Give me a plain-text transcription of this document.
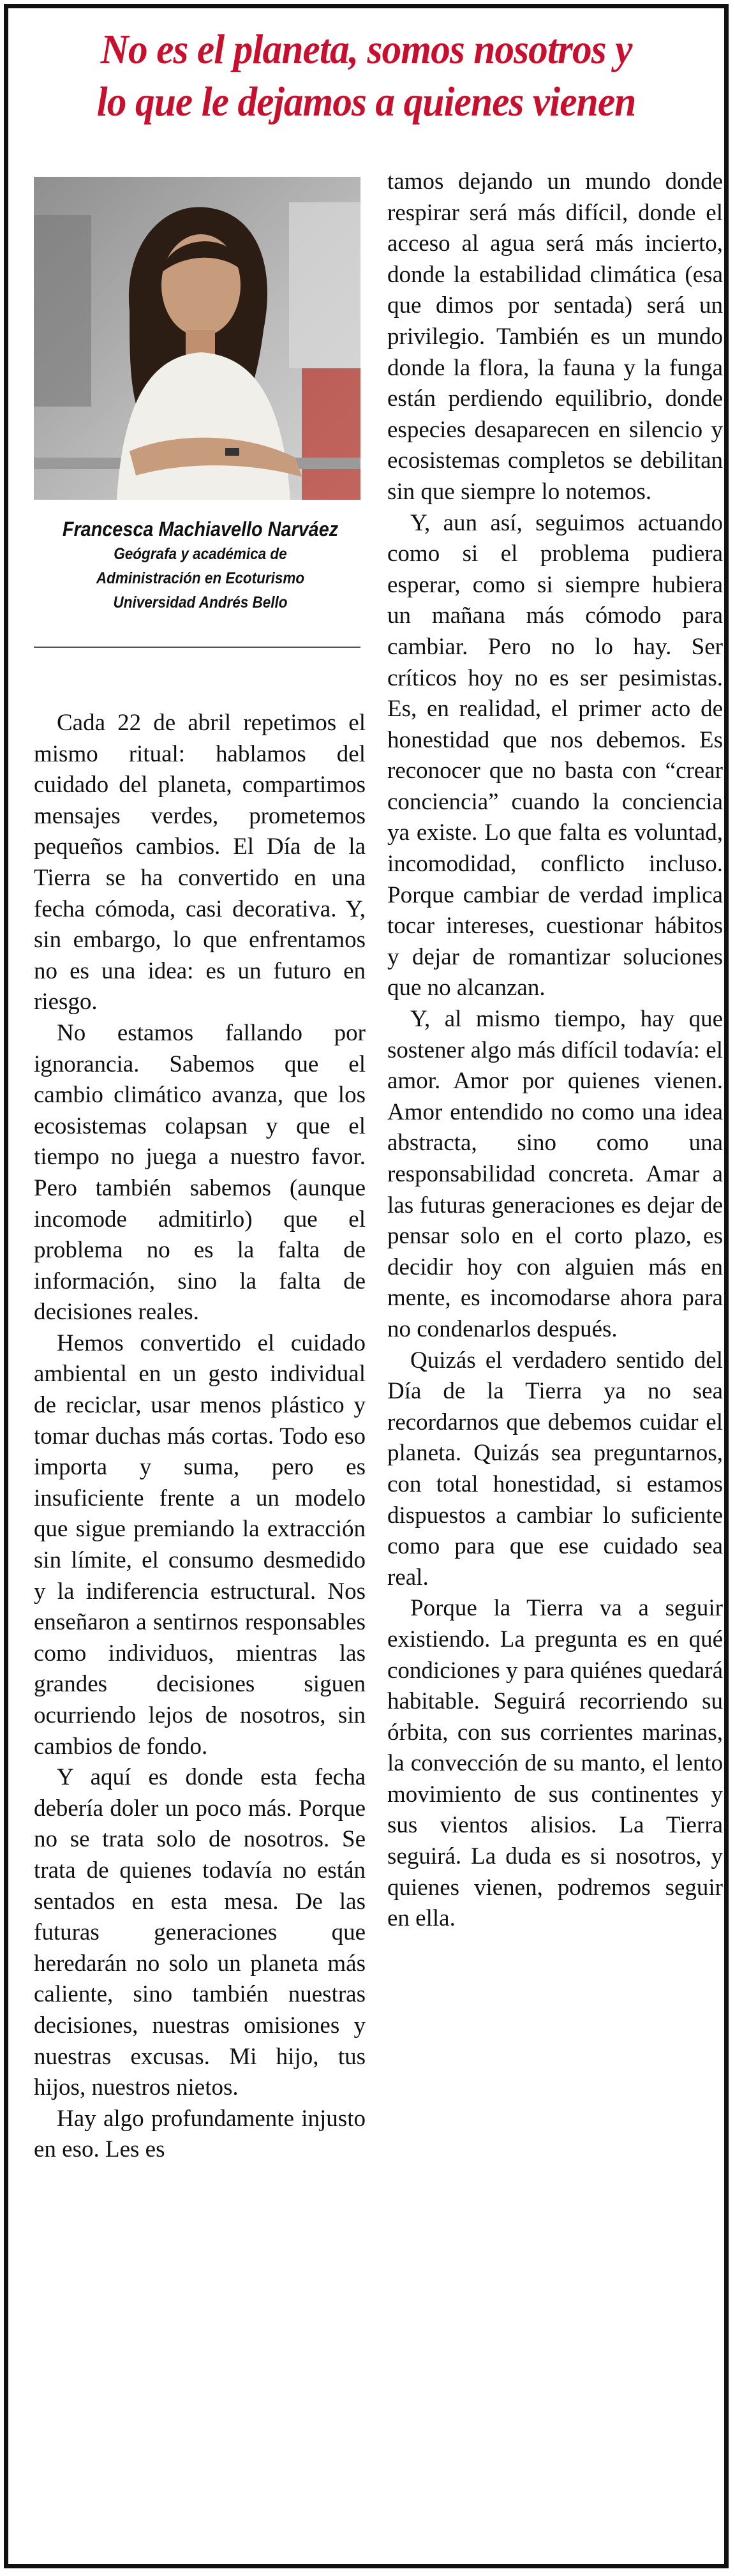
No es el planeta, somos nosotros y
lo que le dejamos a quienes vienen
Francesca Machiavello Narváez
Geógrafa y académica de
Administración en Ecoturismo
Universidad Andrés Bello

Cada 22 de abril repetimos el mismo ritual: hablamos del cuidado del planeta, compartimos mensajes verdes, prometemos pequeños cambios. El Día de la Tierra se ha convertido en una fecha cómoda, casi decorativa. Y, sin embargo, lo que enfrentamos no es una idea: es un futuro en riesgo.

No estamos fallando por ignorancia. Sabemos que el cambio climático avanza, que los ecosistemas colapsan y que el tiempo no juega a nuestro favor. Pero también sabemos (aunque incomode admitirlo) que el problema no es la falta de información, sino la falta de decisiones reales.

Hemos convertido el cuidado ambiental en un gesto individual de reciclar, usar menos plástico y tomar duchas más cortas. Todo eso importa y suma, pero es insuficiente frente a un modelo que sigue premiando la extracción sin límite, el consumo desmedido y la indiferencia estructural. Nos enseñaron a sentirnos responsables como individuos, mientras las grandes decisiones siguen ocurriendo lejos de nosotros, sin cambios de fondo.

Y aquí es donde esta fecha debería doler un poco más. Porque no se trata solo de nosotros. Se trata de quienes todavía no están sentados en esta mesa. De las futuras generaciones que heredarán no solo un planeta más caliente, sino también nuestras decisiones, nuestras omisiones y nuestras excusas. Mi hijo, tus hijos, nuestros nietos.

Hay algo profundamente injusto en eso. Les es

tamos dejando un mundo donde respirar será más difícil, donde el acceso al agua será más incierto, donde la estabilidad climática (esa que dimos por sentada) será un privilegio. También es un mundo donde la flora, la fauna y la funga están perdiendo equilibrio, donde especies desaparecen en silencio y ecosistemas completos se debilitan sin que siempre lo notemos.

Y, aun así, seguimos actuando como si el problema pudiera esperar, como si siempre hubiera un mañana más cómodo para cambiar. Pero no lo hay. Ser críticos hoy no es ser pesimistas. Es, en realidad, el primer acto de honestidad que nos debemos. Es reconocer que no basta con “crear conciencia” cuando la conciencia ya existe. Lo que falta es voluntad, incomodidad, conflicto incluso. Porque cambiar de verdad implica tocar intereses, cuestionar hábitos y dejar de romantizar soluciones que no alcanzan.

Y, al mismo tiempo, hay que sostener algo más difícil todavía: el amor. Amor por quienes vienen. Amor entendido no como una idea abstracta, sino como una responsabilidad concreta. Amar a las futuras generaciones es dejar de pensar solo en el corto plazo, es decidir hoy con alguien más en mente, es incomodarse ahora para no condenarlos después.

Quizás el verdadero sentido del Día de la Tierra ya no sea recordarnos que debemos cuidar el planeta. Quizás sea preguntarnos, con total honestidad, si estamos dispuestos a cambiar lo suficiente como para que ese cuidado sea real.

Porque la Tierra va a seguir existiendo. La pregunta es en qué condiciones y para quiénes quedará habitable. Seguirá recorriendo su órbita, con sus corrientes marinas, la convección de su manto, el lento movimiento de sus continentes y sus vientos alisios. La Tierra seguirá. La duda es si nosotros, y quienes vienen, podremos seguir en ella.
